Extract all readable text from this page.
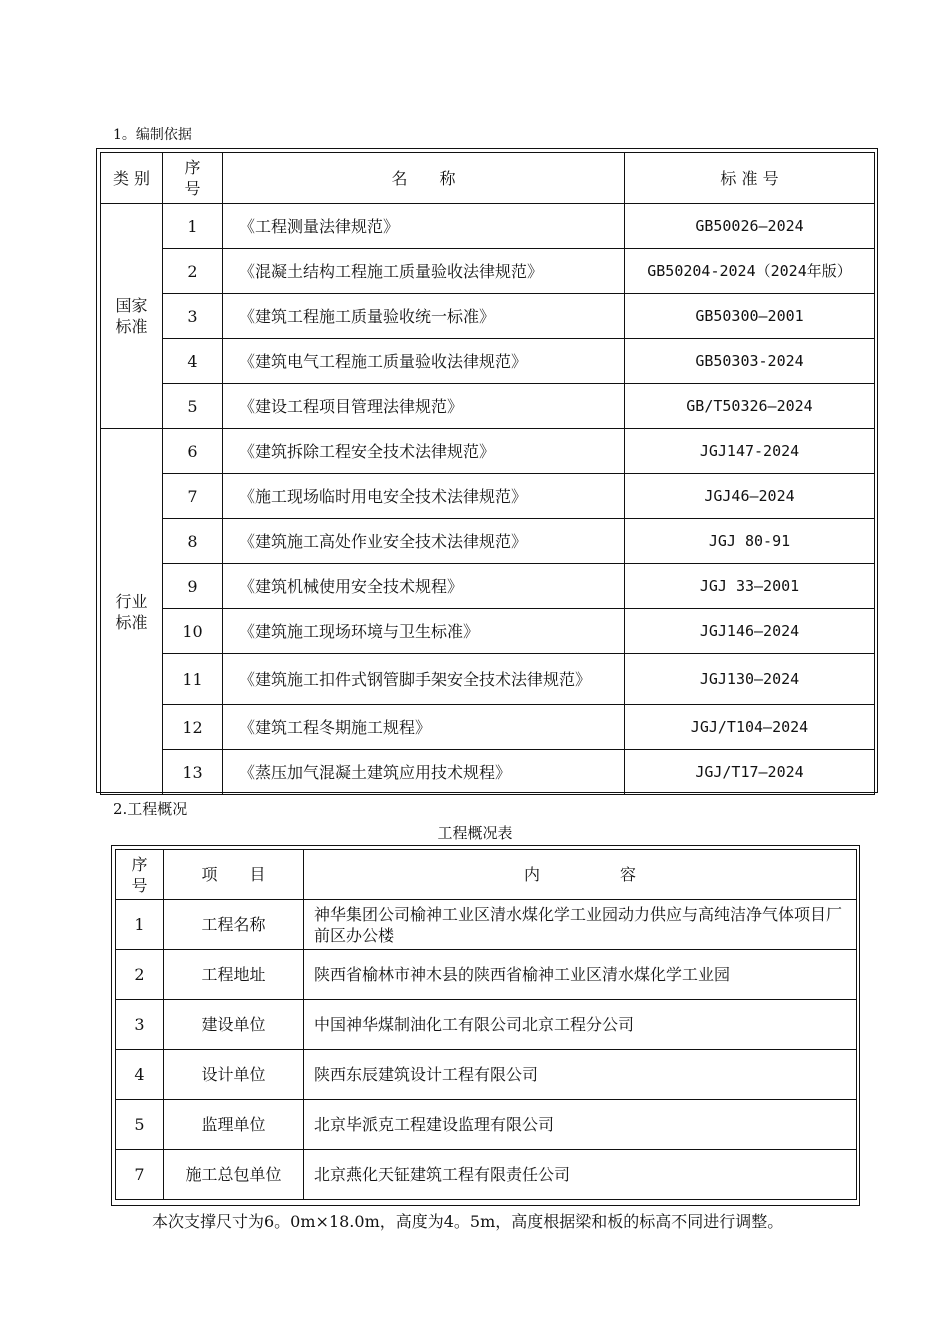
1。编制依据
类 别	序号	名　　称	标 准 号
国家标准	1	《工程测量法律规范》	GB50026—2024
	2	《混凝土结构工程施工质量验收法律规范》	GB50204-2024（2024年版）
	3	《建筑工程施工质量验收统一标准》	GB50300—2001
	4	《建筑电气工程施工质量验收法律规范》	GB50303-2024
	5	《建设工程项目管理法律规范》	GB/T50326—2024
行业标准	6	《建筑拆除工程安全技术法律规范》	JGJ147-2024
	7	《施工现场临时用电安全技术法律规范》	JGJ46—2024
	8	《建筑施工高处作业安全技术法律规范》	JGJ 80-91
	9	《建筑机械使用安全技术规程》	JGJ 33—2001
	10	《建筑施工现场环境与卫生标准》	JGJ146—2024
	11	《建筑施工扣件式钢管脚手架安全技术法律规范》	JGJ130—2024
	12	《建筑工程冬期施工规程》	JGJ/T104—2024
	13	《蒸压加气混凝土建筑应用技术规程》	JGJ/T17—2024
2.工程概况
工程概况表
序号	项　　目	内　　　　　容
1	工程名称	神华集团公司榆神工业区清水煤化学工业园动力供应与高纯洁净气体项目厂前区办公楼
2	工程地址	陕西省榆林市神木县的陕西省榆神工业区清水煤化学工业园
3	建设单位	中国神华煤制油化工有限公司北京工程分公司
4	设计单位	陕西东辰建筑设计工程有限公司
5	监理单位	北京毕派克工程建设监理有限公司
7	施工总包单位	北京燕化天钲建筑工程有限责任公司
本次支撑尺寸为6。0m×18.0m，高度为4。5m，高度根据梁和板的标高不同进行调整。
